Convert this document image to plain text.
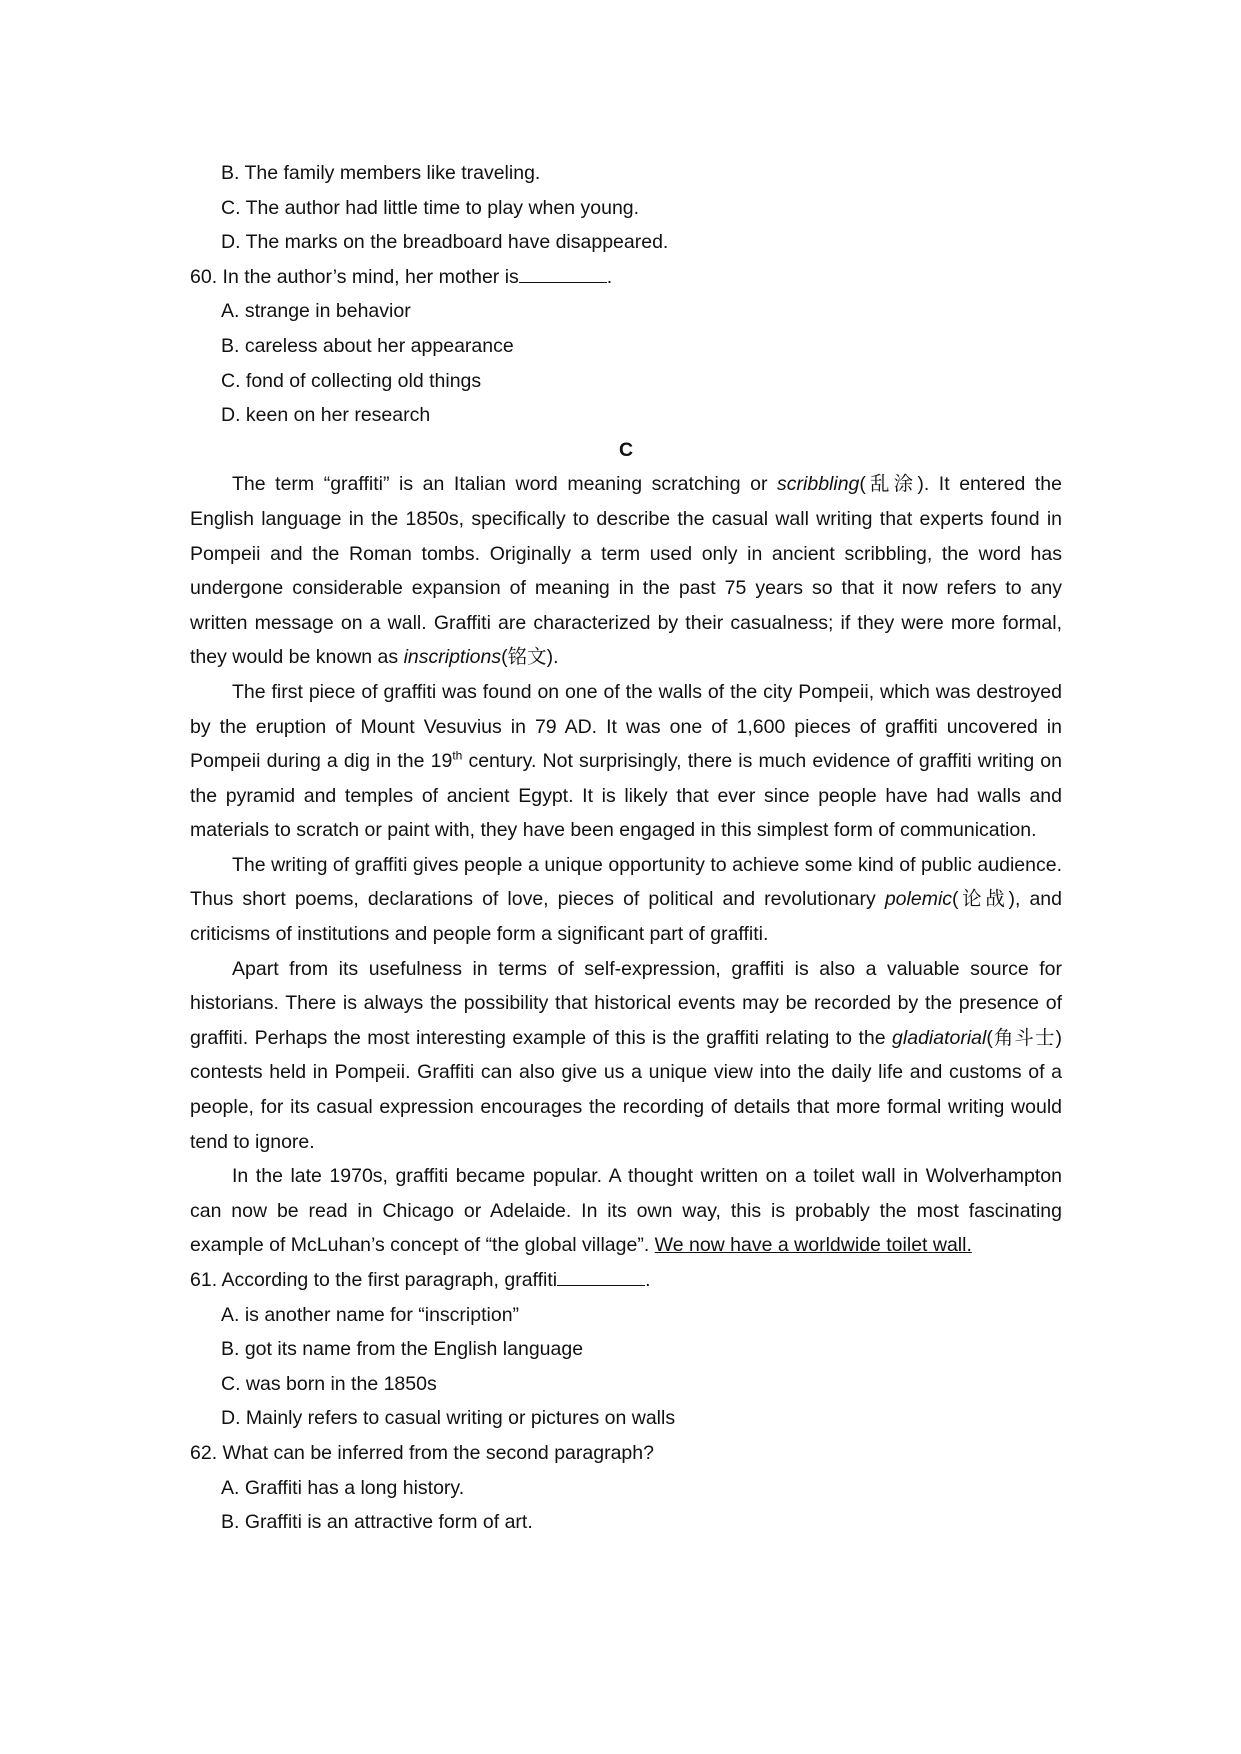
B. The family members like traveling.

C. The author had little time to play when young.

D. The marks on the breadboard have disappeared.

60. In the author’s mind, her mother is	.

A. strange in behavior

B. careless about her appearance

C. fond of collecting old things

D. keen on her research

C

The term “graffiti” is an Italian word meaning scratching or scribbling(乱涂). It entered the English language in the 1850s, specifically to describe the casual wall writing that experts found in Pompeii and the Roman tombs. Originally a term used only in ancient scribbling, the word has undergone considerable expansion of meaning in the past 75 years so that it now refers to any written message on a wall. Graffiti are characterized by their casualness; if they were more formal, they would be known as inscriptions(铭文).

The first piece of graffiti was found on one of the walls of the city Pompeii, which was destroyed by the eruption of Mount Vesuvius in 79 AD. It was one of 1,600 pieces of graffiti uncovered in Pompeii during a dig in the 19th century. Not surprisingly, there is much evidence of graffiti writing on the pyramid and temples of ancient Egypt. It is likely that ever since people have had walls and materials to scratch or paint with, they have been engaged in this simplest form of communication.

The writing of graffiti gives people a unique opportunity to achieve some kind of public audience. Thus short poems, declarations of love, pieces of political and revolutionary polemic(论战), and criticisms of institutions and people form a significant part of graffiti.

Apart from its usefulness in terms of self-expression, graffiti is also a valuable source for historians. There is always the possibility that historical events may be recorded by the presence of graffiti. Perhaps the most interesting example of this is the graffiti relating to the gladiatorial(角斗士) contests held in Pompeii. Graffiti can also give us a unique view into the daily life and customs of a people, for its casual expression encourages the recording of details that more formal writing would tend to ignore.

In the late 1970s, graffiti became popular. A thought written on a toilet wall in Wolverhampton can now be read in Chicago or Adelaide. In its own way, this is probably the most fascinating example of McLuhan’s concept of “the global village”. We now have a worldwide toilet wall.

61. According to the first paragraph, graffiti	.

A. is another name for “inscription”

B. got its name from the English language

C. was born in the 1850s

D. Mainly refers to casual writing or pictures on walls

62. What can be inferred from the second paragraph?

A. Graffiti has a long history.

B. Graffiti is an attractive form of art.
